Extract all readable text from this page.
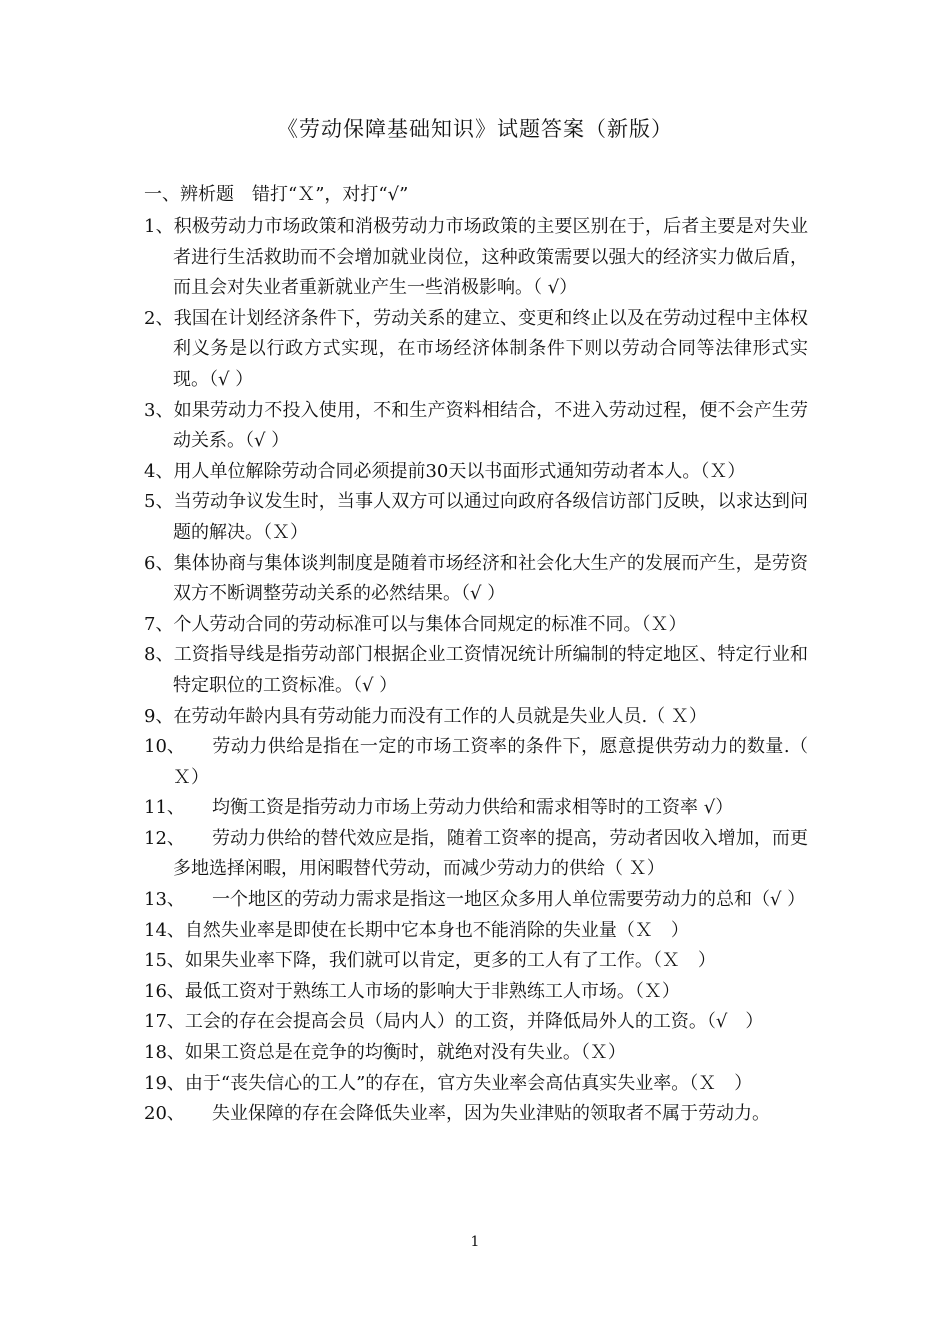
《劳动保障基础知识》试题答案（新版）
一、辨析题　错打“Ｘ”，对打“√”
1、积极劳动力市场政策和消极劳动力市场政策的主要区别在于，后者主要是对失业者进行生活救助而不会增加就业岗位，这种政策需要以强大的经济实力做后盾，而且会对失业者重新就业产生一些消极影响。（ √）
2、我国在计划经济条件下，劳动关系的建立、变更和终止以及在劳动过程中主体权利义务是以行政方式实现，在市场经济体制条件下则以劳动合同等法律形式实现。（√ ）
3、如果劳动力不投入使用，不和生产资料相结合，不进入劳动过程，便不会产生劳动关系。（√ ）
4、用人单位解除劳动合同必须提前30天以书面形式通知劳动者本人。（Ｘ）
5、当劳动争议发生时，当事人双方可以通过向政府各级信访部门反映，以求达到问题的解决。（Ｘ）
6、集体协商与集体谈判制度是随着市场经济和社会化大生产的发展而产生，是劳资双方不断调整劳动关系的必然结果。（√ ）
7、个人劳动合同的劳动标准可以与集体合同规定的标准不同。（Ｘ）
8、工资指导线是指劳动部门根据企业工资情况统计所编制的特定地区、特定行业和特定职位的工资标准。（√ ）
9、在劳动年龄内具有劳动能力而没有工作的人员就是失业人员.（ Ｘ）
10、 劳动力供给是指在一定的市场工资率的条件下，愿意提供劳动力的数量.（ Ｘ）
11、 均衡工资是指劳动力市场上劳动力供给和需求相等时的工资率 √）
12、 劳动力供给的替代效应是指，随着工资率的提高，劳动者因收入增加，而更多地选择闲暇，用闲暇替代劳动，而减少劳动力的供给（ Ｘ）
13、 一个地区的劳动力需求是指这一地区众多用人单位需要劳动力的总和（√ ）
14、自然失业率是即使在长期中它本身也不能消除的失业量（Ｘ　）
15、如果失业率下降，我们就可以肯定，更多的工人有了工作。（Ｘ　）
16、最低工资对于熟练工人市场的影响大于非熟练工人市场。（Ｘ）
17、工会的存在会提高会员（局内人）的工资，并降低局外人的工资。（√　）
18、如果工资总是在竞争的均衡时，就绝对没有失业。（Ｘ）
19、由于“丧失信心的工人”的存在，官方失业率会高估真实失业率。（Ｘ　）
20、 失业保障的存在会降低失业率，因为失业津贴的领取者不属于劳动力。
1
